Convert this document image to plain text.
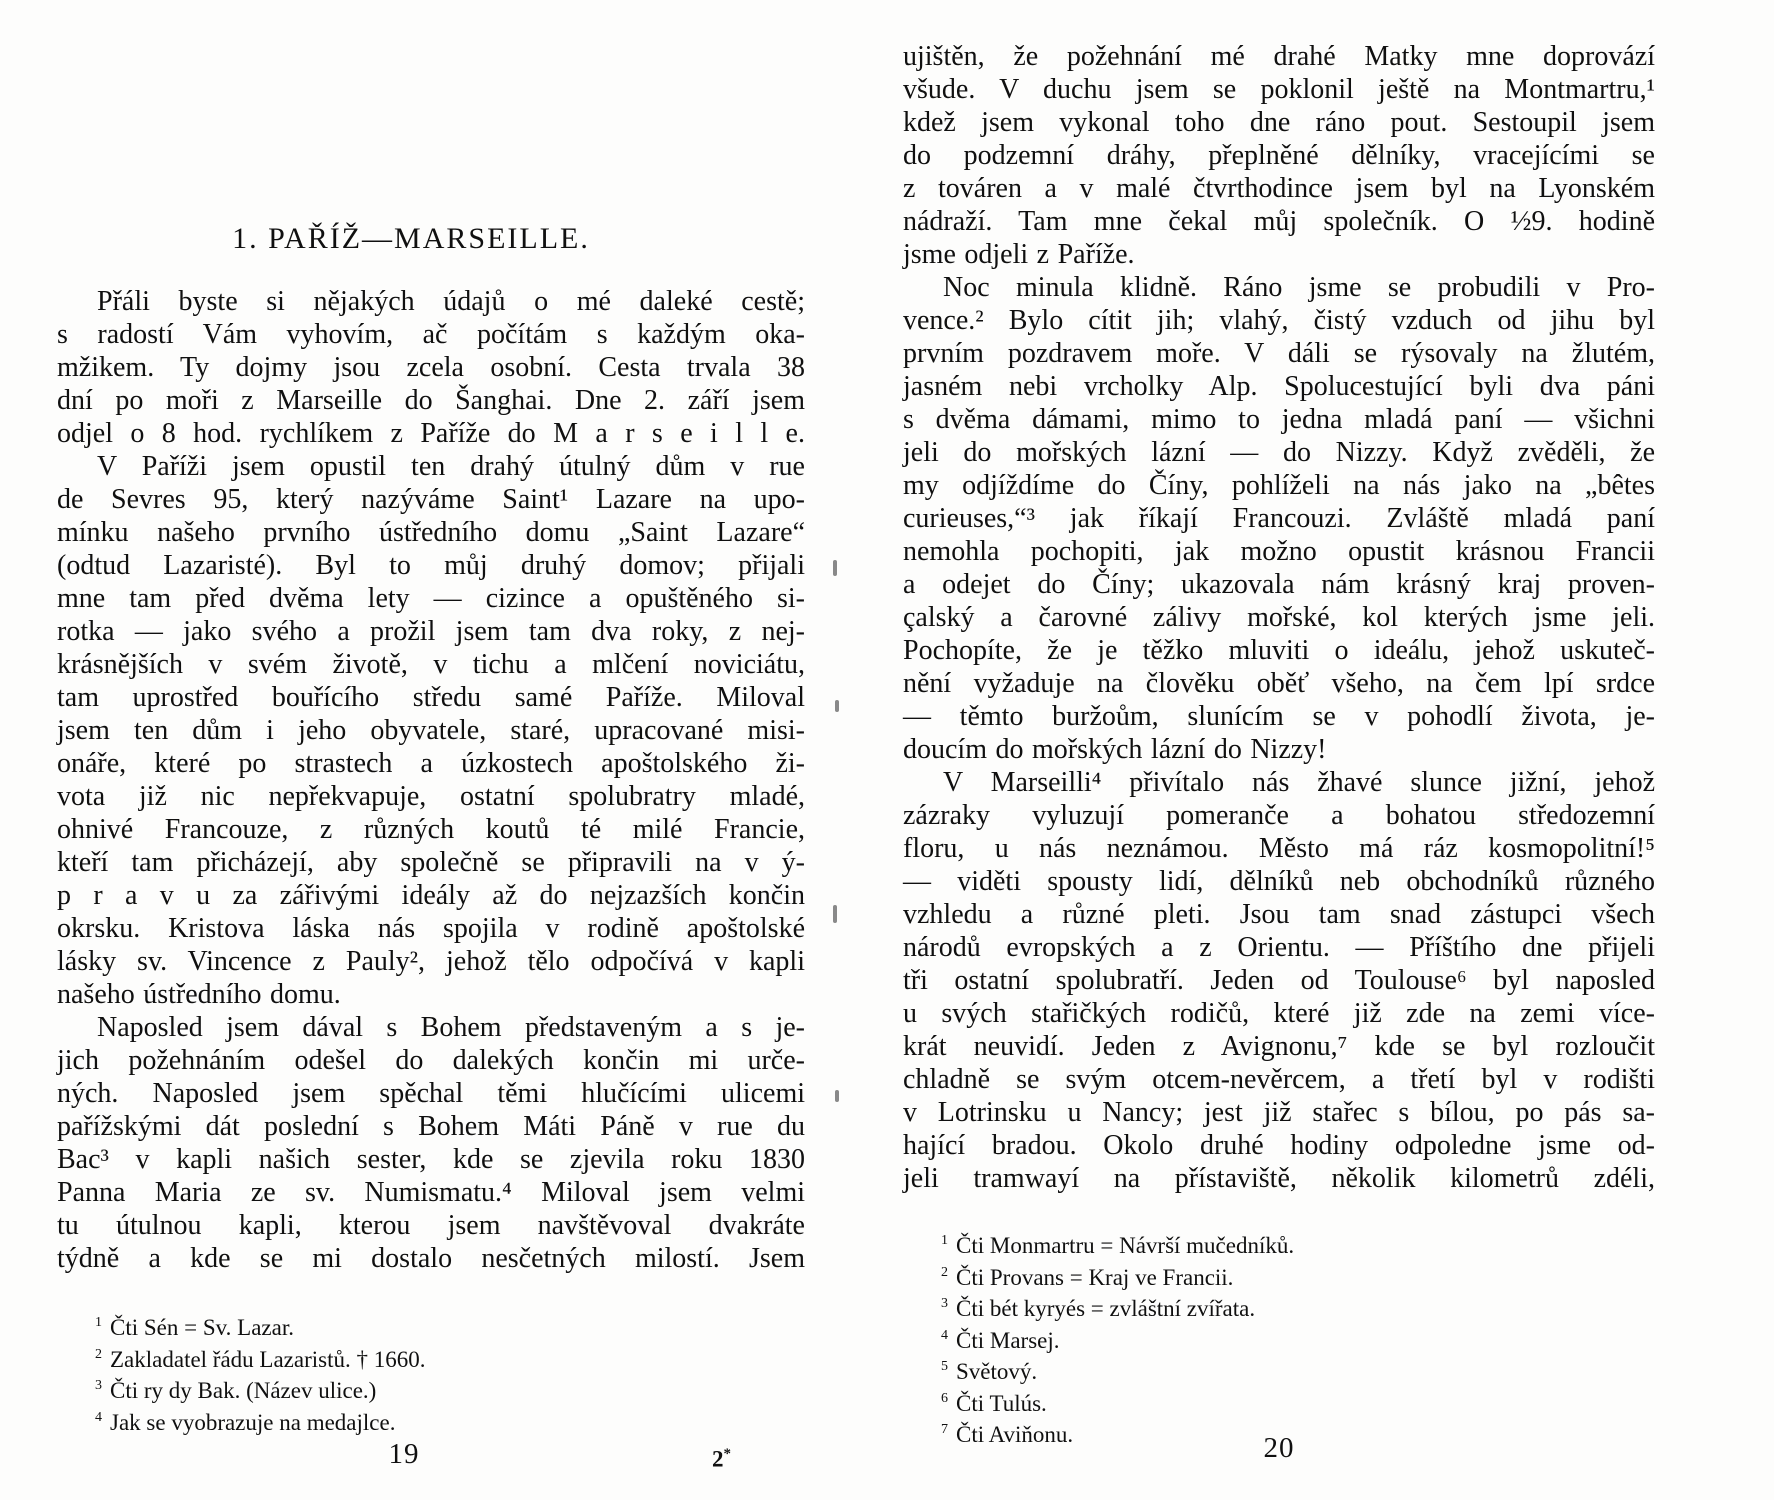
1. PAŘÍŽ—MARSEILLE.
Přáli byste si nějakých údajů o mé daleké cestě;
s radostí Vám vyhovím, ač počítám s každým oka-
mžikem. Ty dojmy jsou zcela osobní. Cesta trvala 38
dní po moři z Marseille do Šanghai. Dne 2. září jsem
odjel o 8 hod. rychlíkem z Paříže do M a r s e i l l e.
V Paříži jsem opustil ten drahý útulný dům v rue
de Sevres 95, který nazýváme Saint¹ Lazare na upo-
mínku našeho prvního ústředního domu „Saint Lazare“
(odtud Lazaristé). Byl to můj druhý domov; přijali
mne tam před dvěma lety — cizince a opuštěného si-
rotka — jako svého a prožil jsem tam dva roky, z nej-
krásnějších v svém životě, v tichu a mlčení noviciátu,
tam uprostřed bouřícího středu samé Paříže. Miloval
jsem ten dům i jeho obyvatele, staré, upracované misi-
onáře, které po strastech a úzkostech apoštolského ži-
vota již nic nepřekvapuje, ostatní spolubratry mladé,
ohnivé Francouze, z různých koutů té milé Francie,
kteří tam přicházejí, aby společně se připravili na v ý-
p r a v u za zářivými ideály až do nejzazších končin
okrsku. Kristova láska nás spojila v rodině apoštolské
lásky sv. Vincence z Pauly², jehož tělo odpočívá v kapli
našeho ústředního domu.
Naposled jsem dával s Bohem představeným a s je-
jich požehnáním odešel do dalekých končin mi urče-
ných. Naposled jsem spěchal těmi hlučícími ulicemi
pařížskými dát poslední s Bohem Máti Páně v rue du
Bac³ v kapli našich sester, kde se zjevila roku 1830
Panna Maria ze sv. Numismatu.⁴ Miloval jsem velmi
tu útulnou kapli, kterou jsem navštěvoval dvakráte
týdně a kde se mi dostalo nesčetných milostí. Jsem
$^1$ Čti Sén = Sv. Lazar.
$^2$ Zakladatel řádu Lazaristů. † 1660.
$^3$ Čti ry dy Bak. (Název ulice.)
$^4$ Jak se vyobrazuje na medajlce.
19	2*
ujištěn, že požehnání mé drahé Matky mne doprovází
všude. V duchu jsem se poklonil ještě na Montmartru,¹
kdež jsem vykonal toho dne ráno pout. Sestoupil jsem
do podzemní dráhy, přeplněné dělníky, vracejícími se
z továren a v malé čtvrthodince jsem byl na Lyonském
nádraží. Tam mne čekal můj společník. O ½9. hodině
jsme odjeli z Paříže.
Noc minula klidně. Ráno jsme se probudili v Pro-
vence.² Bylo cítit jih; vlahý, čistý vzduch od jihu byl
prvním pozdravem moře. V dáli se rýsovaly na žlutém,
jasném nebi vrcholky Alp. Spolucestující byli dva páni
s dvěma dámami, mimo to jedna mladá paní — všichni
jeli do mořských lázní — do Nizzy. Když zvěděli, že
my odjíždíme do Číny, pohlíželi na nás jako na „bêtes
curieuses,“³ jak říkají Francouzi. Zvláště mladá paní
nemohla pochopiti, jak možno opustit krásnou Francii
a odejet do Číny; ukazovala nám krásný kraj proven-
çalský a čarovné zálivy mořské, kol kterých jsme jeli.
Pochopíte, že je těžko mluviti o ideálu, jehož uskuteč-
nění vyžaduje na člověku oběť všeho, na čem lpí srdce
— těmto buržoům, slunícím se v pohodlí života, je-
doucím do mořských lázní do Nizzy!
V Marseilli⁴ přivítalo nás žhavé slunce jižní, jehož
zázraky vyluzují pomeranče a bohatou středozemní
floru, u nás neznámou. Město má ráz kosmopolitní!⁵
— viděti spousty lidí, dělníků neb obchodníků různého
vzhledu a různé pleti. Jsou tam snad zástupci všech
národů evropských a z Orientu. — Příštího dne přijeli
tři ostatní spolubratří. Jeden od Toulouse⁶ byl naposled
u svých stařičkých rodičů, které již zde na zemi více-
krát neuvidí. Jeden z Avignonu,⁷ kde se byl rozloučit
chladně se svým otcem-nevěrcem, a třetí byl v rodišti
v Lotrinsku u Nancy; jest již stařec s bílou, po pás sa-
hající bradou. Okolo druhé hodiny odpoledne jsme od-
jeli tramwayí na přístaviště, několik kilometrů zdéli,
$^1$ Čti Monmartru = Návrší mučedníků.
$^2$ Čti Provans = Kraj ve Francii.
$^3$ Čti bét kyryés = zvláštní zvířata.
$^4$ Čti Marsej.
$^5$ Světový.
$^6$ Čti Tulús.
$^7$ Čti Aviňonu.	20
